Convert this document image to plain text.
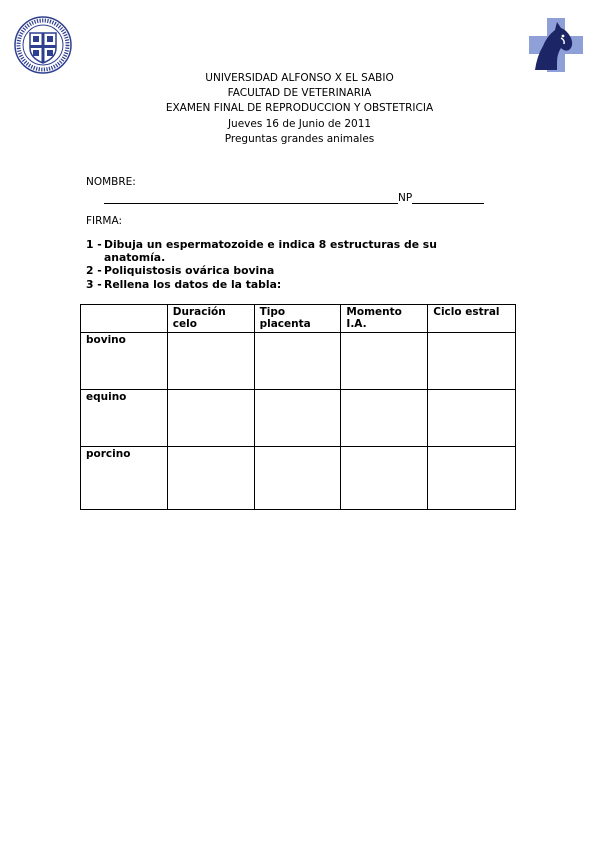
UNIVERSIDAD ALFONSO X EL SABIO
FACULTAD DE VETERINARIA
EXAMEN FINAL DE REPRODUCCION Y OBSTETRICIA
Jueves 16 de Junio de 2011
Preguntas grandes animales
NOMBRE:
NP
FIRMA:
1 - Dibuja un espermatozoide e indica 8 estructuras de su anatomía.
2 - Poliquistosis ovárica bovina
3 - Rellena los datos de la tabla:
	Duración celo	Tipo placenta	Momento I.A.	Ciclo estral
bovino				
equino				
porcino				
